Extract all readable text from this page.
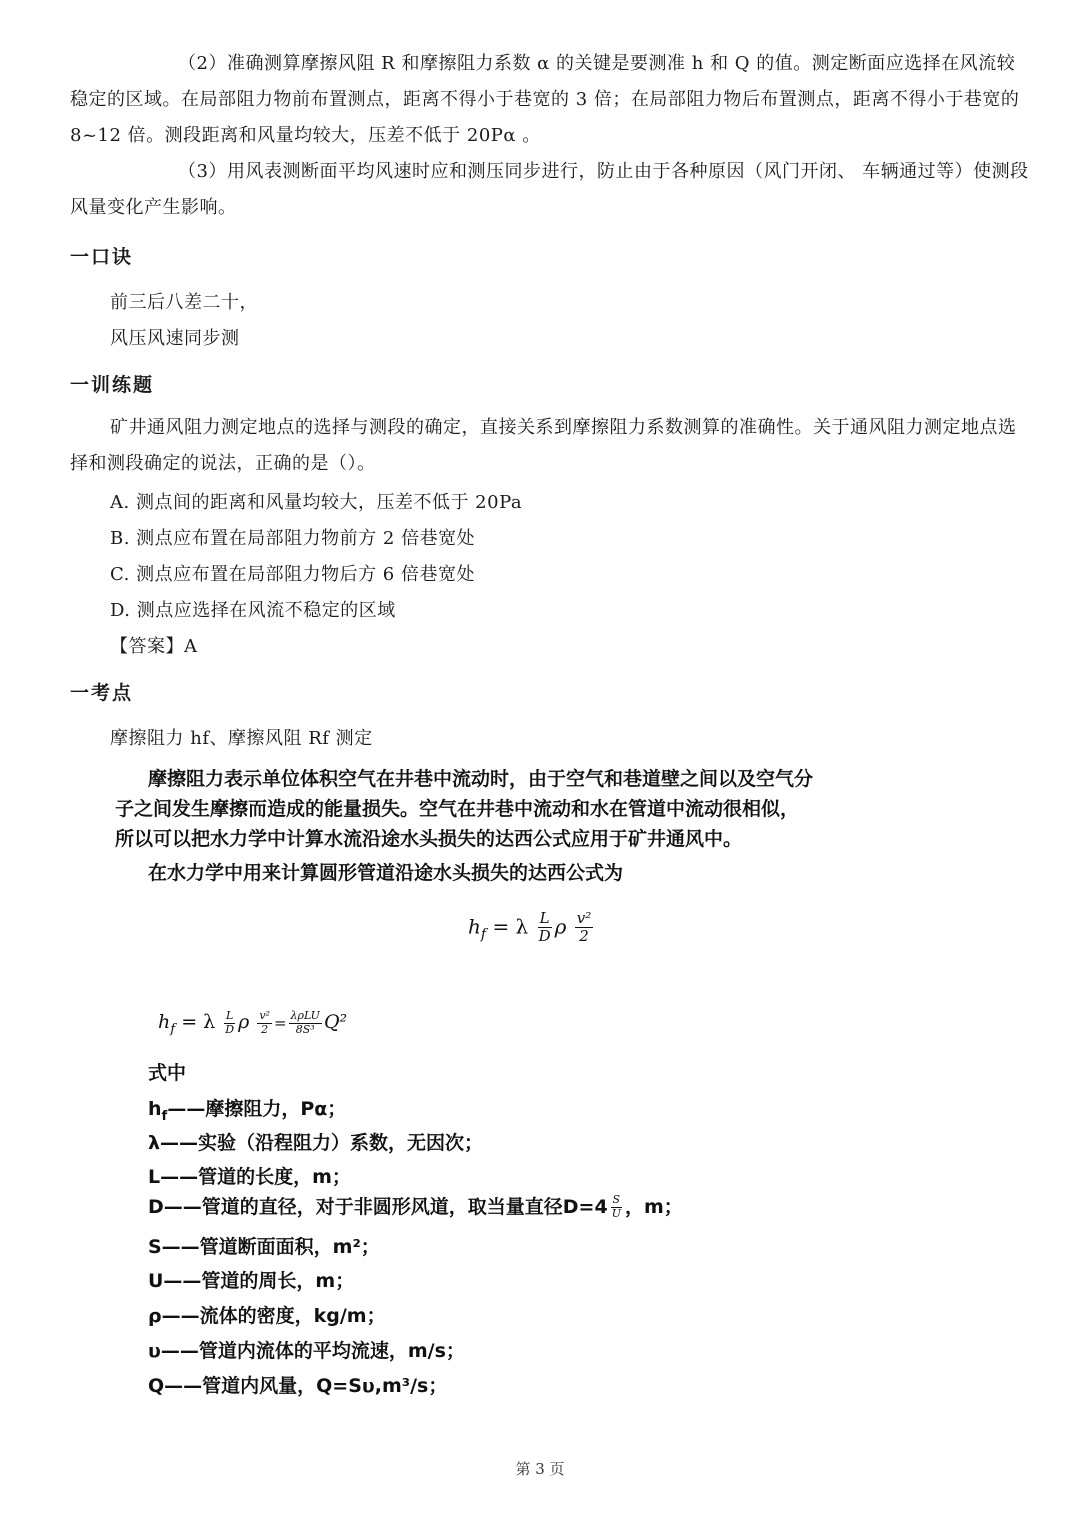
（2）准确测算摩擦风阻 R 和摩擦阻力系数 α 的关键是要测准 h 和 Q 的值。测定断面应选择在风流较稳定的区域。在局部阻力物前布置测点，距离不得小于巷宽的 3 倍；在局部阻力物后布置测点，距离不得小于巷宽的 8~12 倍。测段距离和风量均较大，压差不低于 20Pα 。

（3）用风表测断面平均风速时应和测压同步进行，防止由于各种原因（风门开闭、 车辆通过等）使测段风量变化产生影响。

一口诀

前三后八差二十，

风压风速同步测

一训练题

矿井通风阻力测定地点的选择与测段的确定，直接关系到摩擦阻力系数测算的准确性。关于通风阻力测定地点选择和测段确定的说法，正确的是（）。

A. 测点间的距离和风量均较大，压差不低于 20Pa

B. 测点应布置在局部阻力物前方 2 倍巷宽处

C. 测点应布置在局部阻力物后方 6 倍巷宽处

D. 测点应选择在风流不稳定的区域

【答案】A

一考点

摩擦阻力 hf、摩擦风阻 Rf 测定

摩擦阻力表示单位体积空气在井巷中流动时，由于空气和巷道壁之间以及空气分

子之间发生摩擦而造成的能量损失。空气在井巷中流动和水在管道中流动很相似，

所以可以把水力学中计算水流沿途水头损失的达西公式应用于矿井通风中。

在水力学中用来计算圆形管道沿途水头损失的达西公式为

$h_f = \lambda \frac{L}{D}$ ρ $\frac{\text{v²}}{2}$
$h_f = \lambda \frac{L}{D}$ ρ $\frac{\text{v²}}{2} = \frac{\text{λρLU}}{\text{8S³}} Q^2$

式中

$h_f——$摩擦阻力，Pα；

λ——实验（沿程阻力）系数，无因次；

L——管道的长度，m；

D——管道的直径，对于非圆形风道，取当量直径$D=4 \frac{S}{U}$ ，m；

S——管道断面面积，m²；

U——管道的周长，m；

ρ——流体的密度，kg/m；

υ——管道内流体的平均流速，m/s；

Q——管道内风量，Q=Sυ,m³/s；

第 3 页
